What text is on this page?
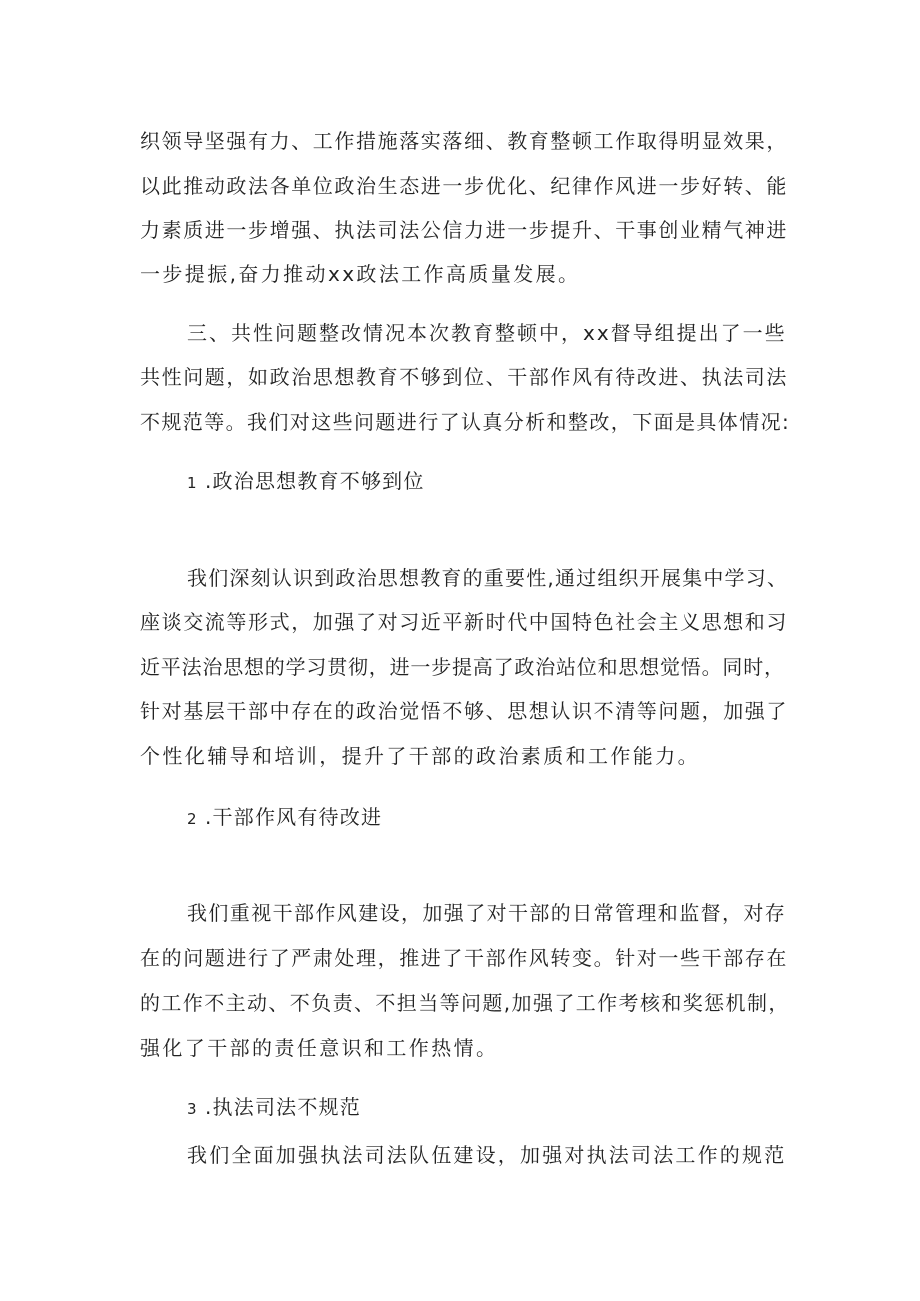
织领导坚强有力、工作措施落实落细、教育整顿工作取得明显效果，
以此推动政法各单位政治生态进一步优化、纪律作风进一步好转、能
力素质进一步增强、执法司法公信力进一步提升、干事创业精气神进
一步提振,奋力推动xx政法工作高质量发展。
三、共性问题整改情况本次教育整顿中，xx督导组提出了一些
共性问题，如政治思想教育不够到位、干部作风有待改进、执法司法
不规范等。我们对这些问题进行了认真分析和整改，下面是具体情况:
1 .政治思想教育不够到位
我们深刻认识到政治思想教育的重要性,通过组织开展集中学习、
座谈交流等形式，加强了对习近平新时代中国特色社会主义思想和习
近平法治思想的学习贯彻，进一步提高了政治站位和思想觉悟。同时，
针对基层干部中存在的政治觉悟不够、思想认识不清等问题，加强了
个性化辅导和培训，提升了干部的政治素质和工作能力。
2 .干部作风有待改进
我们重视干部作风建设，加强了对干部的日常管理和监督，对存
在的问题进行了严肃处理，推进了干部作风转变。针对一些干部存在
的工作不主动、不负责、不担当等问题,加强了工作考核和奖惩机制，
强化了干部的责任意识和工作热情。
3 .执法司法不规范
我们全面加强执法司法队伍建设，加强对执法司法工作的规范
